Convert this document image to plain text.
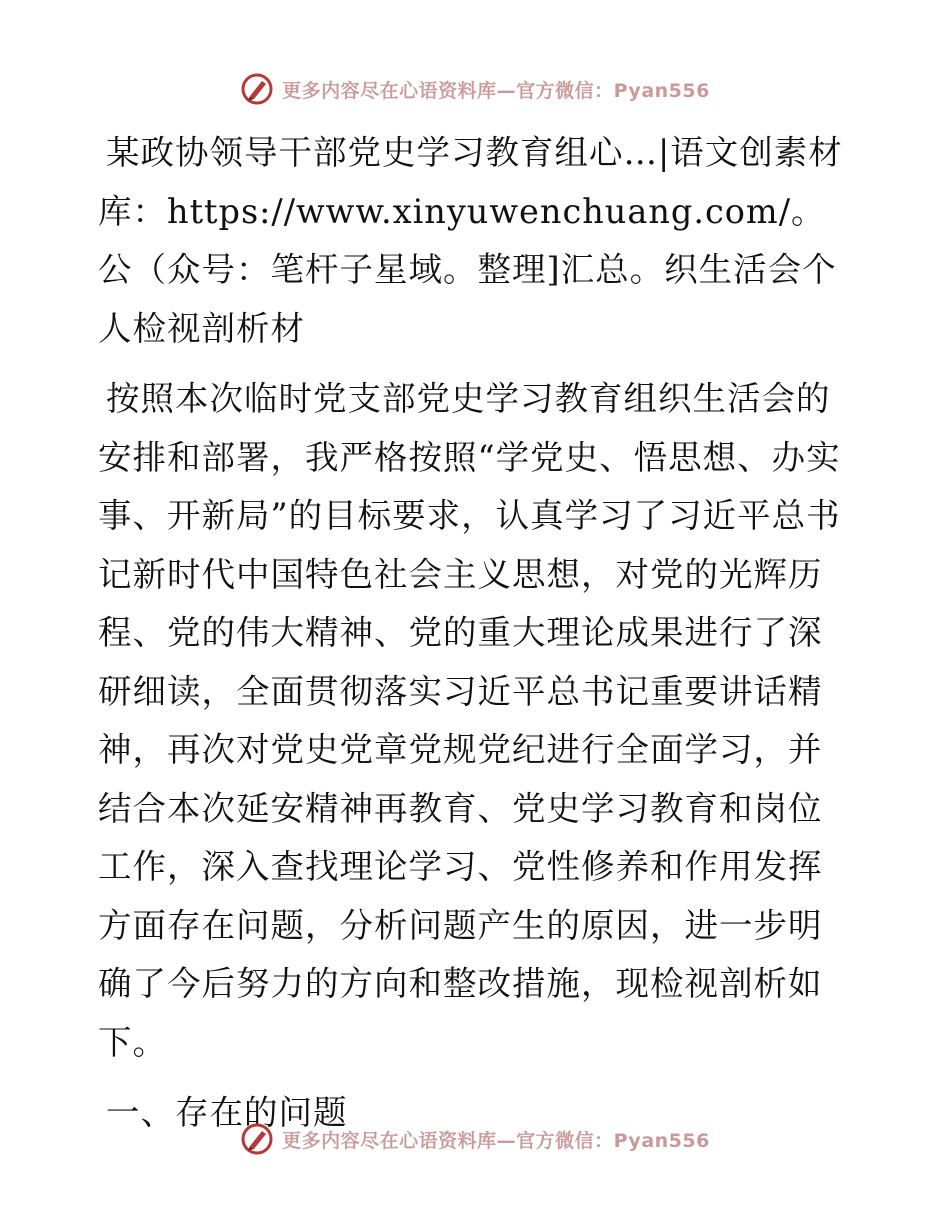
更多内容尽在心语资料库—官方微信：Pyan556

某政协领导干部党史学习教育组心…|语文创素材库：https://www.xinyuwenchuang.com/。公（众号：笔杆子星域。整理]汇总。织生活会个人检视剖析材

按照本次临时党支部党史学习教育组织生活会的安排和部署，我严格按照“学党史、悟思想、办实事、开新局”的目标要求，认真学习了习近平总书记新时代中国特色社会主义思想，对党的光辉历程、党的伟大精神、党的重大理论成果进行了深研细读，全面贯彻落实习近平总书记重要讲话精神，再次对党史党章党规党纪进行全面学习，并结合本次延安精神再教育、党史学习教育和岗位工作，深入查找理论学习、党性修养和作用发挥方面存在问题，分析问题产生的原因，进一步明确了今后努力的方向和整改措施，现检视剖析如下。

一、存在的问题
更多内容尽在心语资料库—官方微信：Pyan556
